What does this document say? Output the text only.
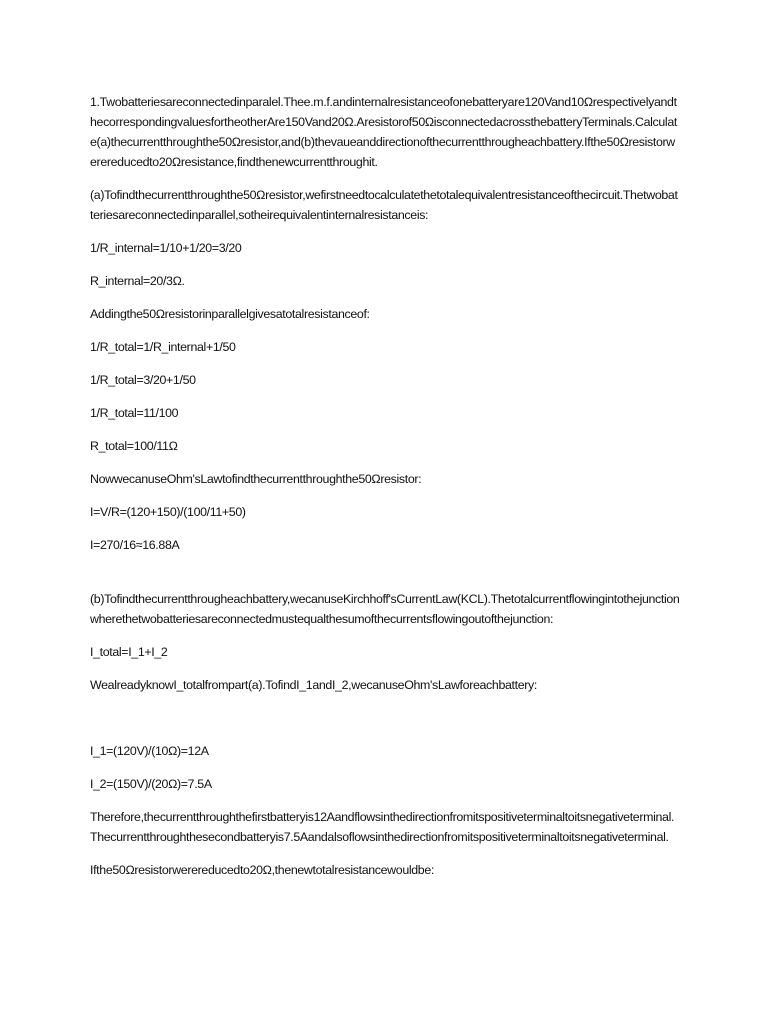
1.Twobatteriesareconnectedinparalel.Thee.m.f.andinternalresistanceofonebatteryare120Vand10ΩrespectivelyandthecorrespondingvaluesfortheotherAre150Vand20Ω.Aresistorof50ΩisconnectedacrossthebatteryTerminals.Calculate(a)thecurrentthroughthe50Ωresistor,and(b)thevaueanddirectionofthecurrentthrougheachbattery.Ifthe50Ωresistorwerereducedto20Ωresistance,findthenewcurrentthroughit.

(a)Tofindthecurrentthroughthe50Ωresistor,wefirstneedtocalculatethetotalequivalentresistanceofthecircuit.Thetwobatteriesareconnectedinparallel,sotheirequivalentinternalresistanceis:

1/R_internal=1/10+1/20=3/20

R_internal=20/3Ω.

Addingthe50Ωresistorinparallelgivesatotalresistanceof:

1/R_total=1/R_internal+1/50

1/R_total=3/20+1/50

1/R_total=11/100

R_total=100/11Ω

NowwecanuseOhm'sLawtofindthecurrentthroughthe50Ωresistor:

I=V/R=(120+150)/(100/11+50)

I=270/16≈16.88A

(b)Tofindthecurrentthrougheachbattery,wecanuseKirchhoff'sCurrentLaw(KCL).Thetotalcurrentflowingintothejunctionwherethetwobatteriesareconnectedmustequalthesumofthecurrentsflowingoutofthejunction:

I_total=I_1+I_2

WealreadyknowI_totalfrompart(a).TofindI_1andI_2,wecanuseOhm'sLawforeachbattery:

I_1=(120V)/(10Ω)=12A

I_2=(150V)/(20Ω)=7.5A

Therefore,thecurrentthroughthefirstbatteryis12Aandflowsinthedirectionfromitspositiveterminaltoitsnegativeterminal.Thecurrentthroughthesecondbatteryis7.5Aandalsoflowsinthedirectionfromitspositiveterminaltoitsnegativeterminal.

Ifthe50Ωresistorwerereducedto20Ω,thenewtotalresistancewouldbe:
